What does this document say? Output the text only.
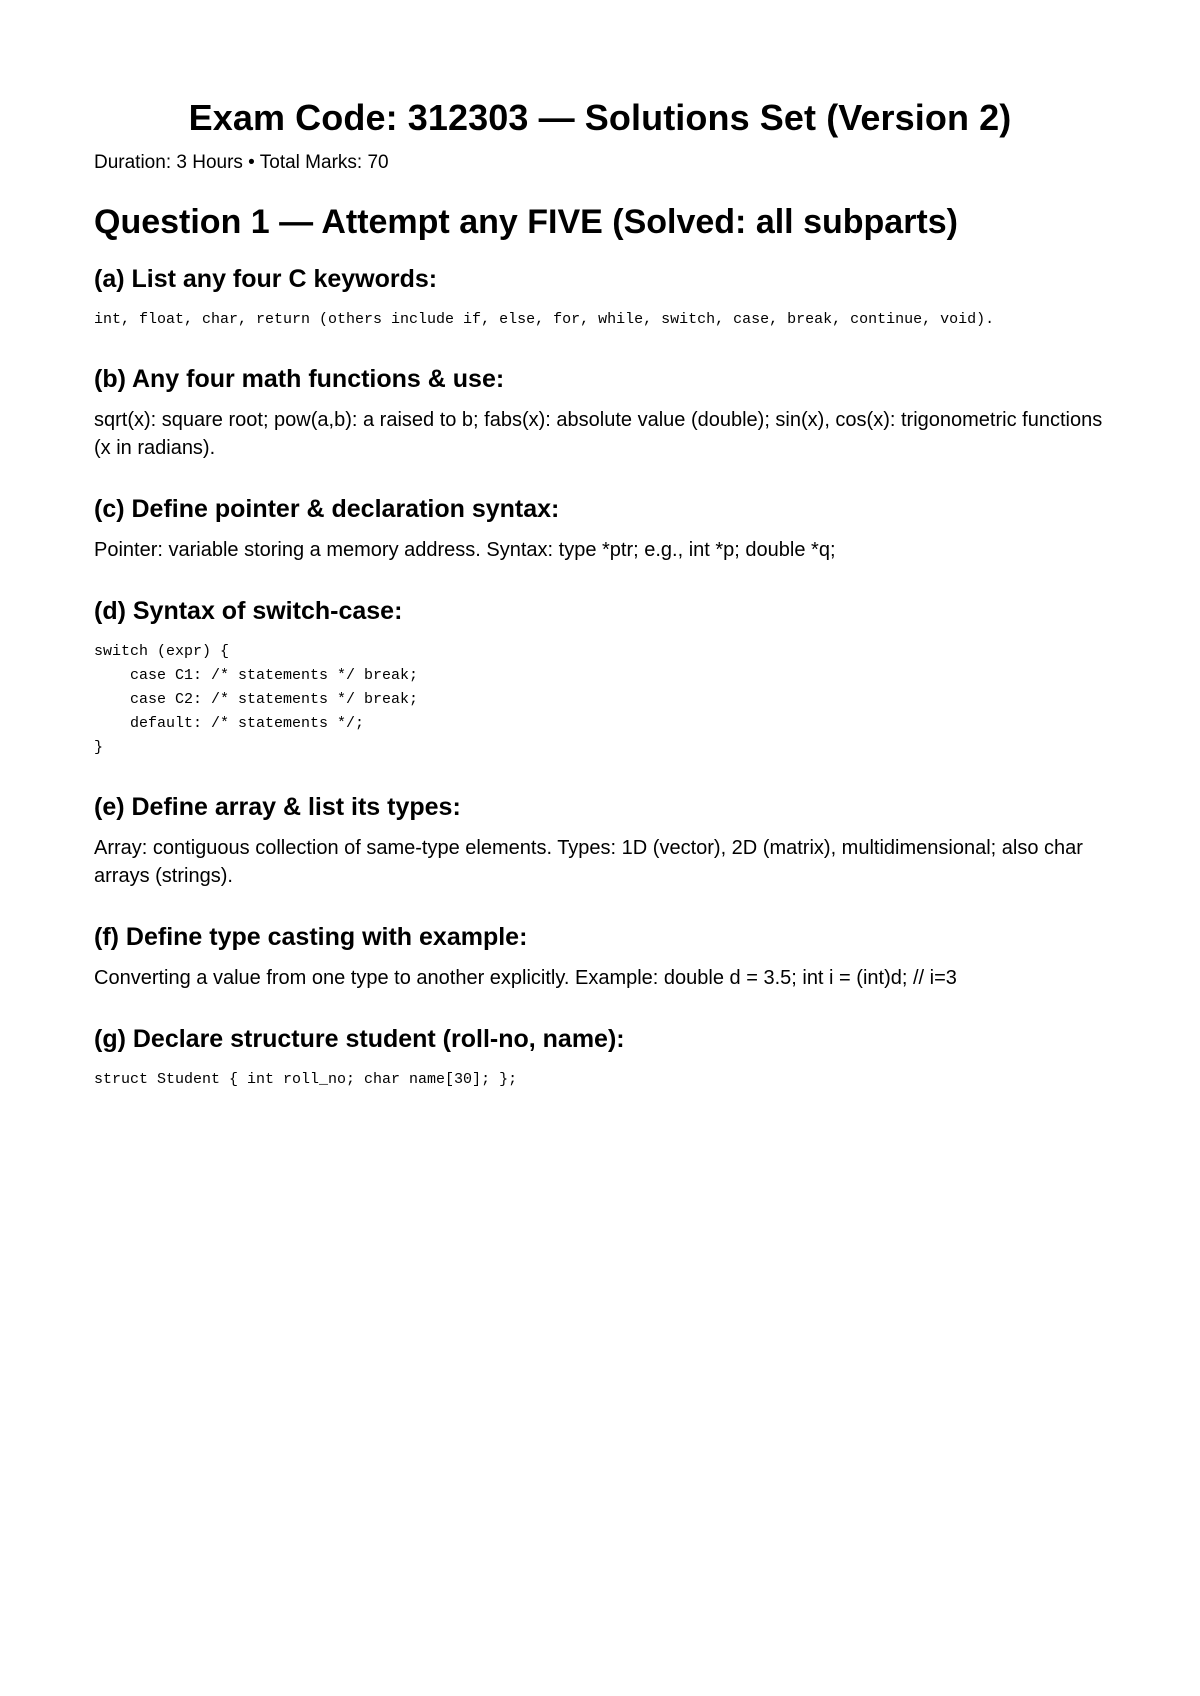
Exam Code: 312303 — Solutions Set (Version 2)

Duration: 3 Hours • Total Marks: 70

Question 1 — Attempt any FIVE (Solved: all subparts)
(a) List any four C keywords:
int, float, char, return (others include if, else, for, while, switch, case, break, continue, void).
(b) Any four math functions & use:

sqrt(x): square root; pow(a,b): a raised to b; fabs(x): absolute value (double); sin(x), cos(x): trigonometric functions (x in radians).

(c) Define pointer & declaration syntax:

Pointer: variable storing a memory address. Syntax: type *ptr; e.g., int *p; double *q;

(d) Syntax of switch-case:
switch (expr) {
case C1: /* statements */ break;
case C2: /* statements */ break;
default: /* statements */;
}
(e) Define array & list its types:

Array: contiguous collection of same-type elements. Types: 1D (vector), 2D (matrix), multidimensional; also char arrays (strings).

(f) Define type casting with example:

Converting a value from one type to another explicitly. Example: double d = 3.5; int i = (int)d; // i=3

(g) Declare structure student (roll-no, name):
struct Student { int roll_no; char name[30]; };
